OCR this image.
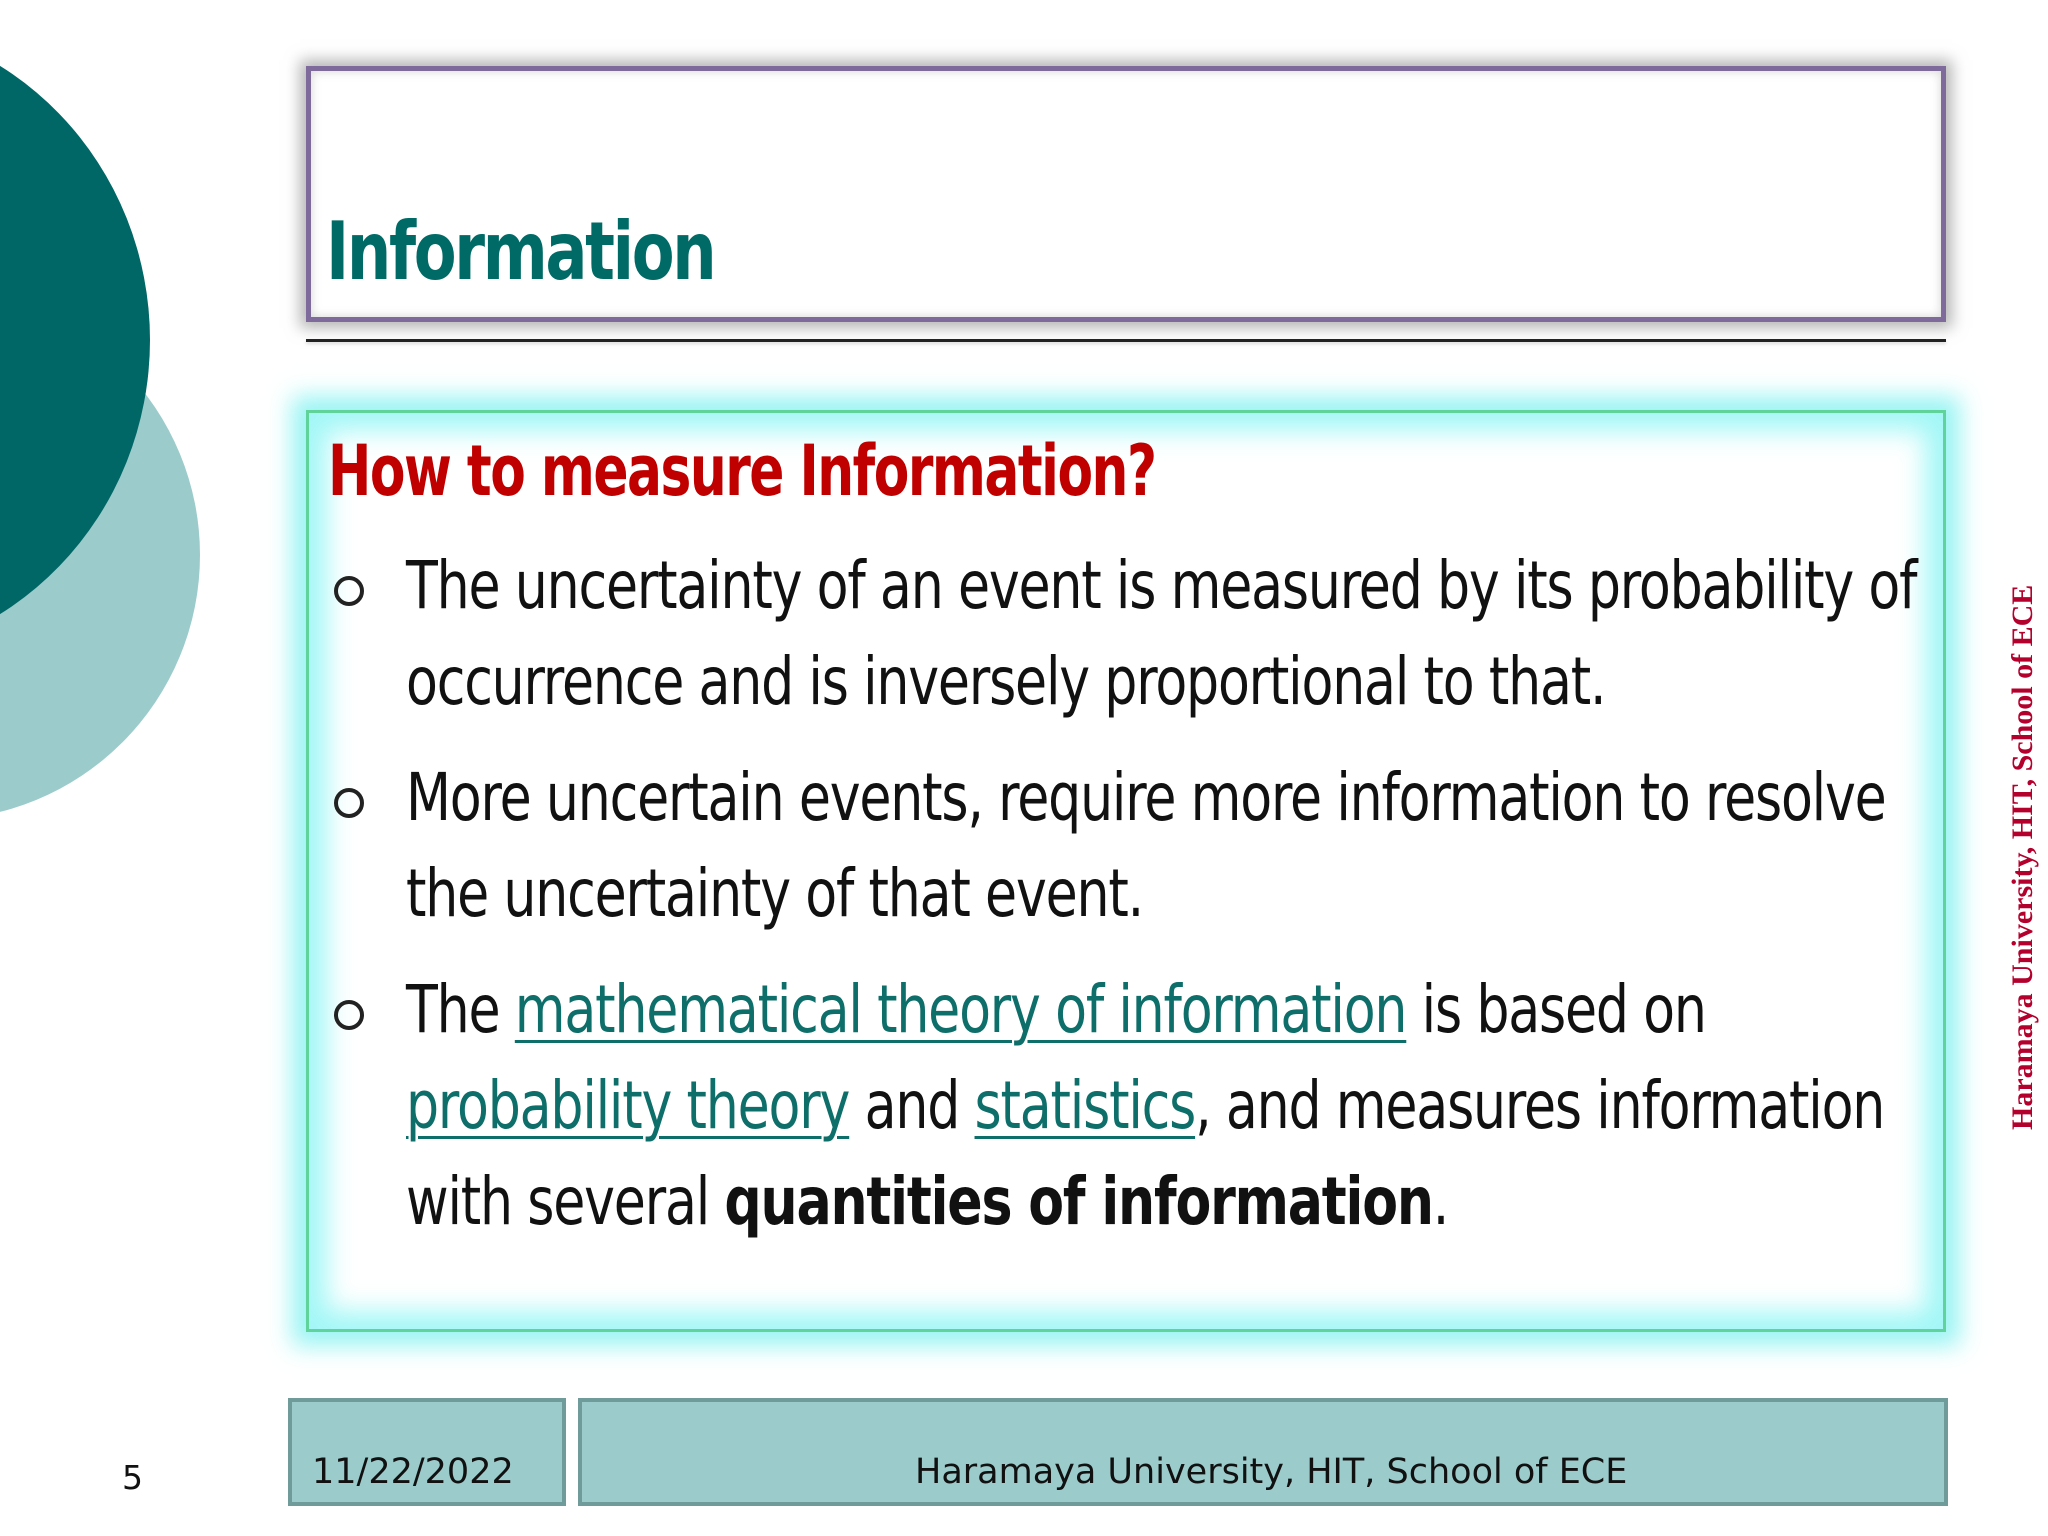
Information
How to measure Information?
The uncertainty of an event is measured by its probability of occurrence and is inversely proportional to that.
More uncertain events, require more information to resolve the uncertainty of that event.
The mathematical theory of information is based on probability theory and statistics, and measures information with several quantities of information.
Haramaya University, HIT, School of ECE
11/22/2022	Haramaya University, HIT, School of ECE
5
